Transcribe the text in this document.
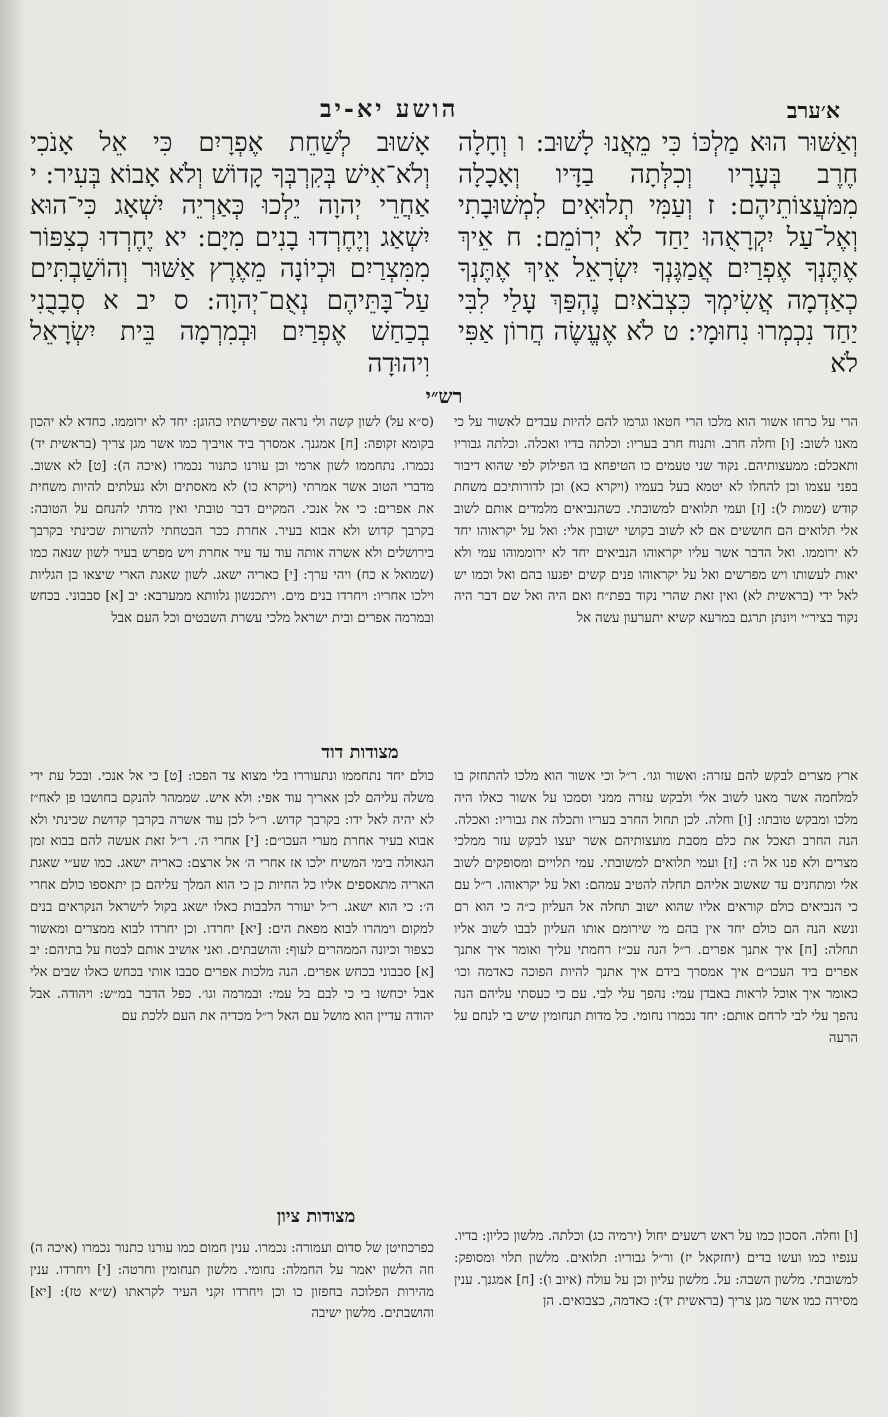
הושע יא-יב	א׳ערב
וְאַשּׁוּר הוּא מַלְכּוֹ כִּי מֵאֲנוּ לָשׁוּב: ו וְחָלָה חֶרֶב בְּעָרָיו וְכִלְּתָה בַדָּיו וְאָכָלָה מִמֹּעֲצוֹתֵיהֶם: ז וְעַמִּי תְלוּאִים לִמְשׁוּבָתִי וְאֶל־עַל יִקְרָאֻהוּ יַחַד לֹא יְרוֹמֵם: ח אֵיךְ אֶתֶּנְךָ אֶפְרַיִם אֲמַגֶּנְךָ יִשְׂרָאֵל אֵיךְ אֶתֶּנְךָ כְאַדְמָה אֲשִׂימְךָ כִּצְבֹאיִם נֶהְפַּךְ עָלַי לִבִּי יַחַד נִכְמְרוּ נִחוּמָי: ט לֹא אֶעֱשֶׂה חֲרוֹן אַפִּי לֹא
אָשׁוּב לְשַׁחֵת אֶפְרָיִם כִּי אֵל אָנֹכִי וְלֹא־אִישׁ בְּקִרְבְּךָ קָדוֹשׁ וְלֹא אָבוֹא בְּעִיר: י אַחֲרֵי יְהוָה יֵלְכוּ כְּאַרְיֵה יִשְׁאָג כִּי־הוּא יִשְׁאַג וְיֶחֶרְדוּ בָנִים מִיָּם: יא יֶחֶרְדוּ כְצִפּוֹר מִמִּצְרַיִם וּכְיוֹנָה מֵאֶרֶץ אַשּׁוּר וְהוֹשַׁבְתִּים עַל־בָּתֵּיהֶם נְאֻם־יְהוָה: ס יב א סְבָבֻנִי בְכַחַשׁ אֶפְרַיִם וּבְמִרְמָה בֵּית יִשְׂרָאֵל וִיהוּדָה
רש״י
הרי על כרחו אשור הוא מלכו הרי חטאו וגרמו להם להיות עבדים לאשור על כי מאנו לשוב: [ו] וחלה חרב. ותנוח חרב בעריו: וכלתה בדיו ואכלה. וכלתה גבוריו ותאכלם: ממעצותיהם. נקוד שני טעמים כו הטיפחא בו הפילוק לפי שהוא דיבור בפני עצמו וכן להחלו לא יטמא בעל בעמיו (ויקרא כא) וכן לדורותיכם משחת קודש (שמות ל): [ז] ועמי תלואים למשובתי. כשהנביאים מלמדים אותם לשוב אלי תלואים הם חוששים אם לא לשוב בקושי ישובון אלי: ואל על יקראוהו יחד לא ירוממו. ואל הדבר אשר עליו יקראוהו הנביאים יחד לא ירוממוהו עמי ולא יאות לעשותו ויש מפרשים ואל על יקראוהו פנים קשים יפגעו בהם ואל וכמו יש לאל ידי (בראשית לא) ואין זאת שהרי נקוד בפת״ח ואם היה ואל שם דבר היה נקוד בציר״י ויונתן תרגם במרעא קשיא יתערעון עשה אל
(ס״א על) לשון קשה ולי נראה שפירשתיו כהוגן: יחד לא ירוממו. כחדא לא יהכון בקומא זקופה: [ח] אמגנך. אמסרך ביד אויביך כמו אשר מגן צריך (בראשית יד) נכמרו. נתחממו לשון ארמי וכן עורנו כתנור נכמרו (איכה ה): [ט] לא אשוב. מדברי הטוב אשר אמרתי (ויקרא כו) לא מאסתים ולא געלתים להיות משחית את אפרים: כי אל אנכי. המקיים דבר טובתי ואין מדתי להנחם על הטובה: בקרבך קדוש ולא אבוא בעיר. אחרת ככר הבטחתי להשרות שכינתי בקרבך בירושלים ולא אשרה אותה עוד עד עיר אחרת ויש מפרש בעיר לשון שנאה כמו (שמואל א כח) ויהי ערך: [י] כאריה ישאג. לשון שאגת הארי שיצאו כן הגליות וילכו אחריו: ויחרדו בנים מים. ויתכנשון גלוותא ממערבא: יב [א] סבבוני. בכחש ובמרמה אפרים ובית ישראל מלכי עשרת השבטים וכל העם אבל
מצודות דוד
ארץ מצרים לבקש להם עזרה: ואשור וגו׳. ר״ל וכי אשור הוא מלכו להתחזק בו למלחמה אשר מאנו לשוב אלי ולבקש עזרה ממני וסמכו על אשור כאלו היה מלכו ומבקש טובתו: [ו] וחלה. לכן תחול החרב בעריו ותכלה את גבוריו: ואכלה. הנה החרב תאכל את כלם מסבת מועצותיהם אשר יעצו לבקש עזר ממלכי מצרים ולא פנו אל ה׳: [ז] ועמי תלואים למשובתי. עמי תלויים ומסופקים לשוב אלי ומתחנים עד שאשוב אליהם תחלה להטיב עמהם: ואל על יקראוהו. ר״ל עם כי הנביאים כולם קוראים אליו שהוא ישוב תחלה אל העליון כ״ה כי הוא רם ונשא הנה הם כולם יחד אין בהם מי שירומם אותו העליון לבבו לשוב אליו תחלה: [ח] איך אתנך אפרים. ר״ל הנה עכ״ז רחמתי עליך ואומר איך אתנך אפרים ביד העכו״ם איך אמסרך בידם איך אתנך להיות הפוכה כאדמה וכו׳ כאומר איך אוכל לראות באבדן עמי: נהפך עלי לבי. עם כי כעסתי עליהם הנה נהפך עלי לבי לרחם אותם: יחד נכמרו נחומי. כל מדות תנחומין שיש בי לנחם על הרעה
כולם יחד נתחממו ונתעוררו בלי מצוא צד הפכו: [ט] כי אל אנכי. ובכל עת ידי משלה עליהם לכן אאריך עוד אפי: ולא איש. שממהר להנקם בחושבו פן לאח״ז לא יהיה לאל ידו: בקרבך קדוש. ר״ל לכן עוד אשרה בקרבך קדושת שכינתי ולא אבוא בעיר אחרת מערי העכו״ם: [י] אחרי ה׳. ר״ל זאת אעשה להם בבוא זמן הגאולה בימי המשיח ילכו אז אחרי ה׳ אל ארצם: כאריה ישאג. כמו שע״י שאגת האריה מתאספים אליו כל החיות כן כי הוא המלך עליהם כן יתאספו כולם אחרי ה׳: כי הוא ישאג. ר״ל יעורר הלבבות כאלו ישאג בקול לישראל הנקראים בנים למקום וימהרו לבוא מפאת הים: [יא] יחרדו. וכן יחרדו לבוא ממצרים ומאשור כצפור וכיונה הממהרים לעוף: והושבתים. ואני אושיב אותם לבטח על בתיהם: יב [א] סבבוני בכחש אפרים. הנה מלכות אפרים סבבו אותי בכחש כאלו שבים אלי אבל יכחשו בי כי לבם בל עמי: ובמרמה וגו׳. כפל הדבר במ״ש: ויהודה. אבל יהודה עדיין הוא מושל עם האל ר״ל מכדיה את העם ללכת עם
מצודות ציון
[ו] וחלה. הסכון כמו על ראש רשעים יחול (ירמיה כג) וכלתה. מלשון כליון: בדיו. ענפיו כמו ועשו בדים (יחזקאל יז) ור״ל גבוריו: תלואים. מלשון תלוי ומסופק: למשובתי. מלשון השבה: על. מלשון עליון וכן על עולה (איוב ו): [ח] אמגנך. ענין מסירה כמו אשר מגן צריך (בראשית יד): כאדמה, כצבואים. הן
כפרכוזיטן של סדום ועמורה: נכמרו. ענין חמום כמו עורנו כתנור נכמרו (איכה ה) וזה הלשון יאמר על החמלה: נחומי. מלשון תנחומין וחרטה: [י] ויחרדו. ענין מהירות הפלוכה בחפזון כו וכן ויחרדו זקני העיר לקראתו (ש״א טז): [יא] והושבתים. מלשון ישיבה
